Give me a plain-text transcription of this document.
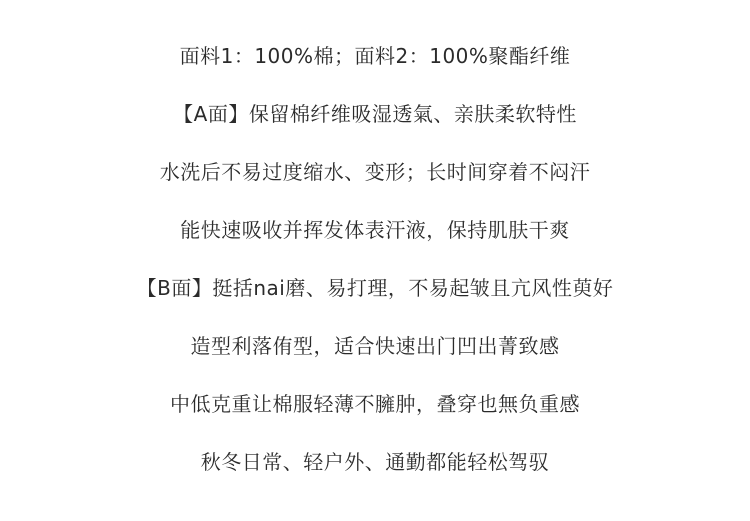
面料1：100%棉；面料2：100%聚酯纤维
【A面】保留棉纤维吸湿透氣、亲肤柔软特性
水洗后不易过度缩水、变形；长时间穿着不闷汗
能快速吸收并挥发体表汗液，保持肌肤干爽
【B面】挺括nai磨、易打理，不易起皱且亢风性萸好
造型利落侑型，适合快速出门凹出菁致感
中低克重让棉服轻薄不臃肿，叠穿也無负重感
秋冬日常、轻户外、通勤都能轻松驾驭
